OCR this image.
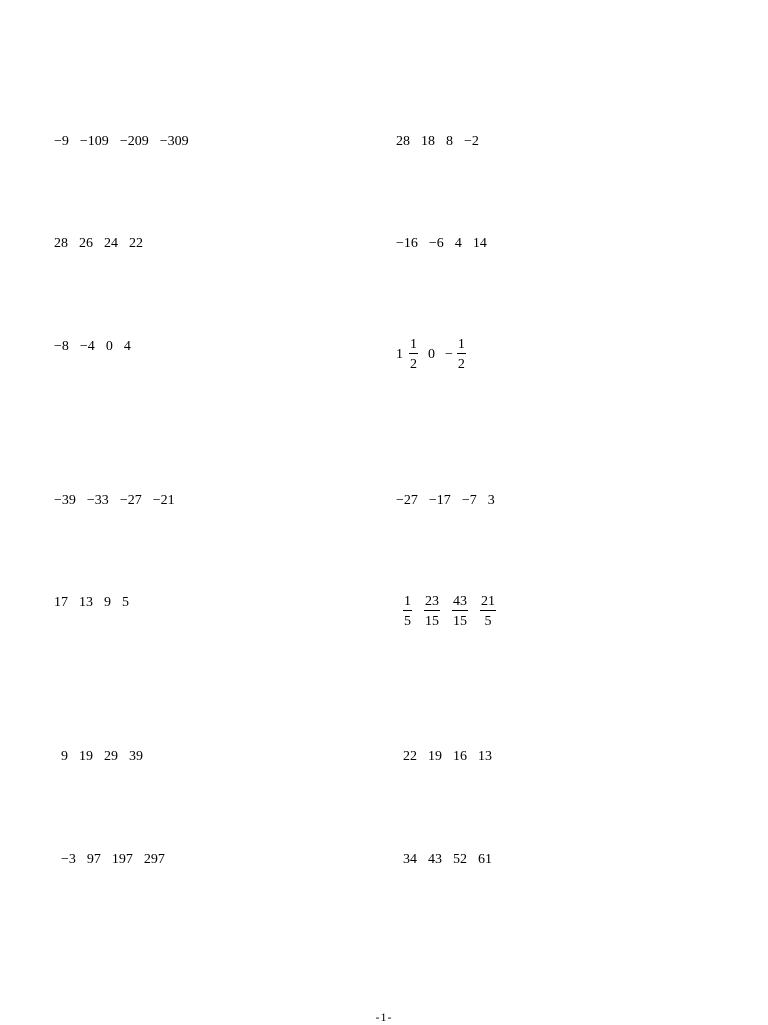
−9 −109 −209 −309
28 26 24 22
−8 −4 0 4
−39 −33 −27 −21
17 13 9 5
9 19 29 39
−3 97 197 297
28 18 8 −2
−16 −6 4 14
$1 \frac{1}{2} 0 - \frac{1}{2}$
−27 −17 −7 3
$\frac{1}{5} \frac{23}{15} \frac{43}{15} \frac{21}{5}$
22 19 16 13
34 43 52 61
-1-
